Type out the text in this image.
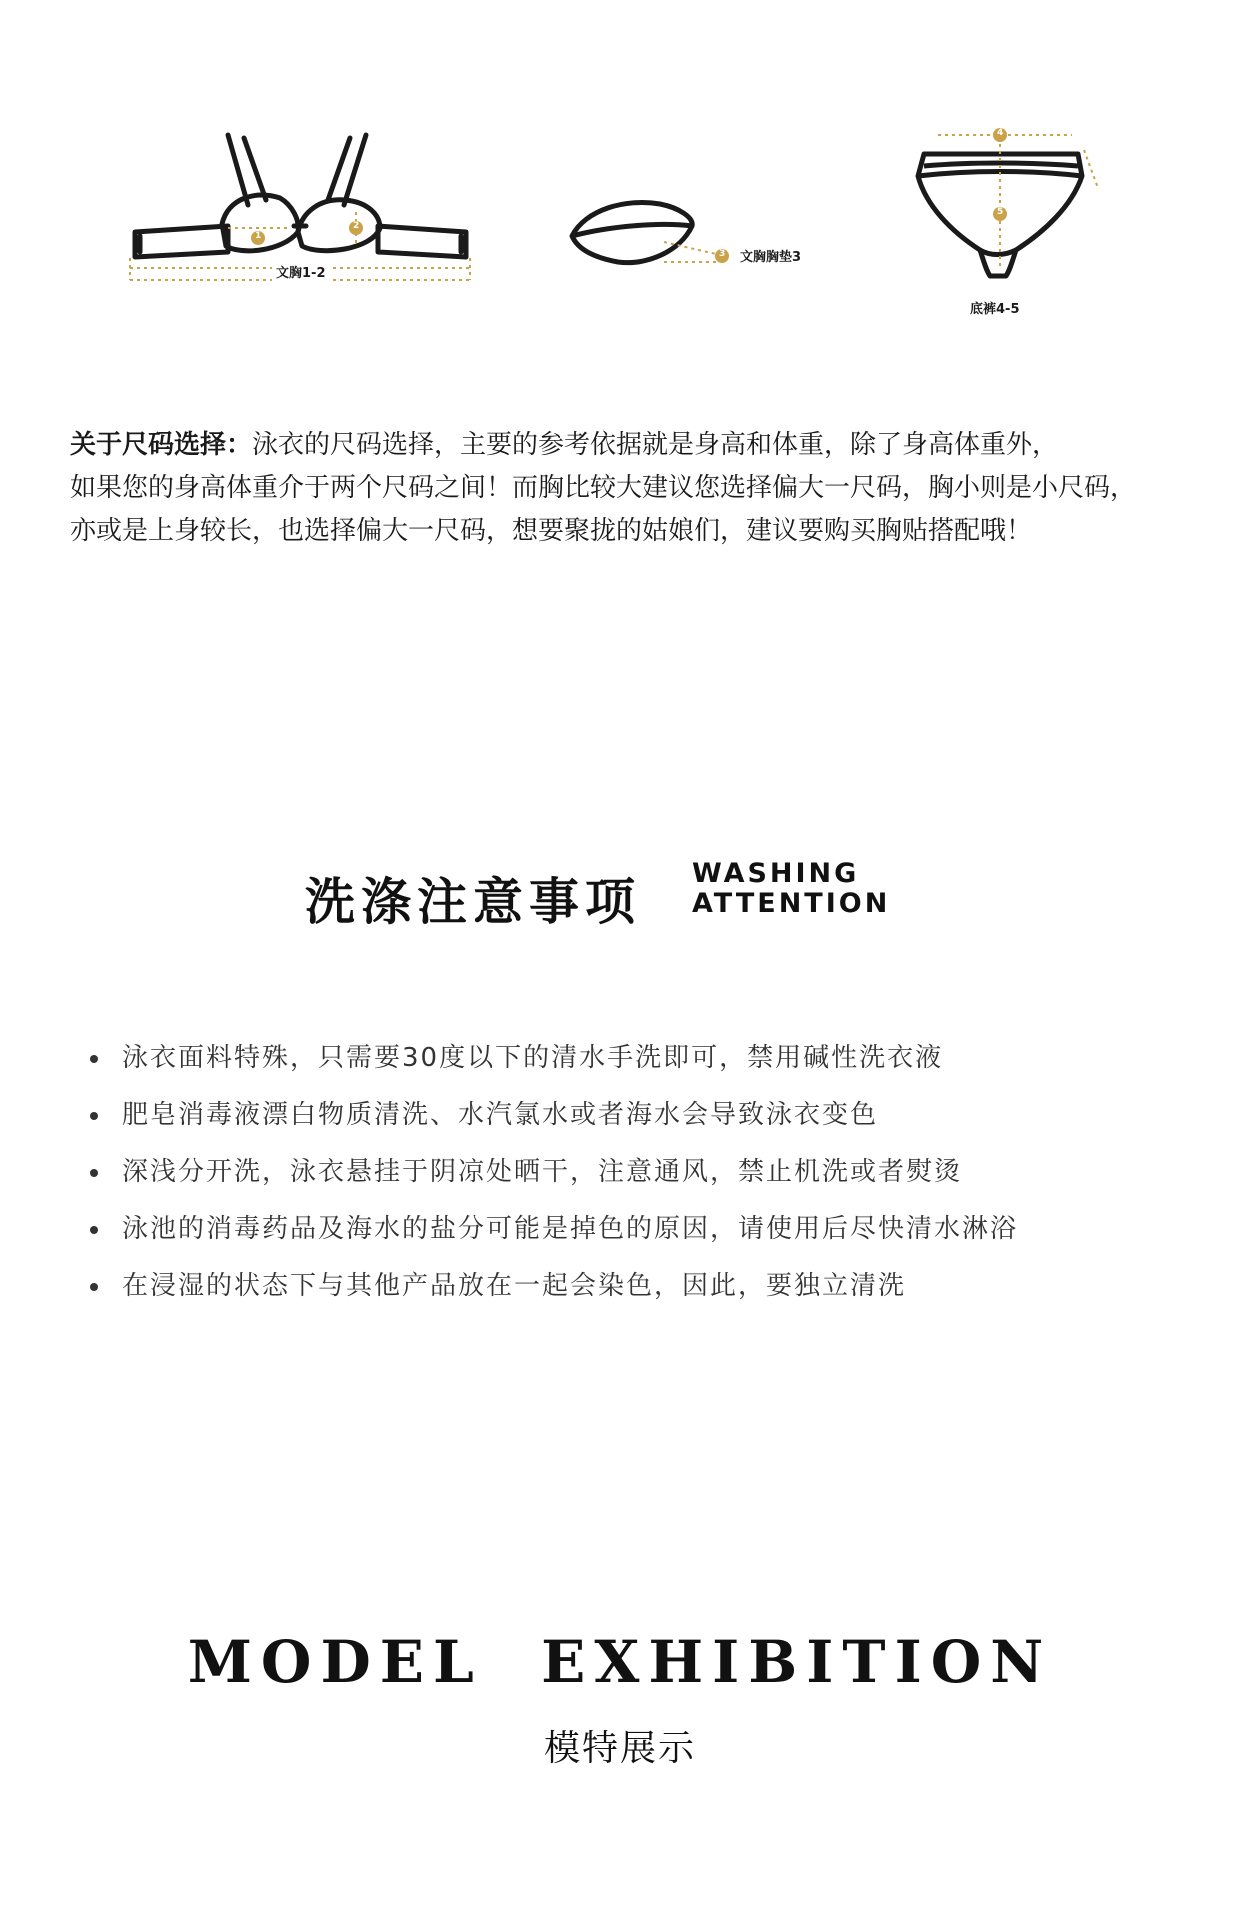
文胸1-2
文胸胸垫3
底裤4-5
1
2
3
4
5
关于尺码选择：泳衣的尺码选择，主要的参考依据就是身高和体重，除了身高体重外，
如果您的身高体重介于两个尺码之间！而胸比较大建议您选择偏大一尺码，胸小则是小尺码，
亦或是上身较长，也选择偏大一尺码，想要聚拢的姑娘们，建议要购买胸贴搭配哦！
洗涤注意事项 WASHING
ATTENTION
泳衣面料特殊，只需要30度以下的清水手洗即可，禁用碱性洗衣液
肥皂消毒液漂白物质清洗、水汽氯水或者海水会导致泳衣变色
深浅分开洗，泳衣悬挂于阴凉处晒干，注意通风，禁止机洗或者熨烫
泳池的消毒药品及海水的盐分可能是掉色的原因，请使用后尽快清水淋浴
在浸湿的状态下与其他产品放在一起会染色，因此，要独立清洗
MODEL  EXHIBITION
模特展示
